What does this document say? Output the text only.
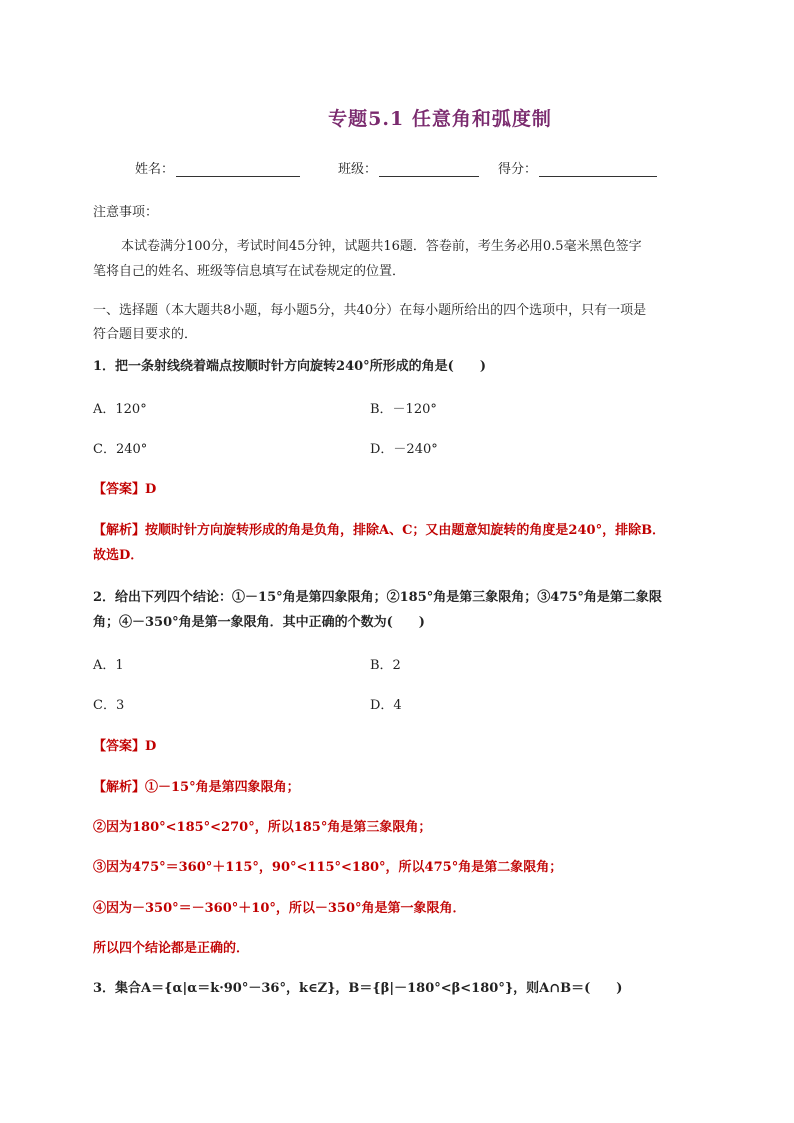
专题5.1 任意角和弧度制
姓名：	班级：	得分：
注意事项：
本试卷满分100分，考试时间45分钟，试题共16题．答卷前，考生务必用0.5毫米黑色签字
笔将自己的姓名、班级等信息填写在试卷规定的位置．
一、选择题（本大题共8小题，每小题5分，共40分）在每小题所给出的四个选项中，只有一项是
符合题目要求的．
1．把一条射线绕着端点按顺时针方向旋转240°所形成的角是(　　)
A．120°	B．－120°
C．240°	D．－240°
【答案】D
【解析】按顺时针方向旋转形成的角是负角，排除A、C；又由题意知旋转的角度是240°，排除B．
故选D．
2．给出下列四个结论：①－15°角是第四象限角；②185°角是第三象限角；③475°角是第二象限
角；④－350°角是第一象限角．其中正确的个数为(　　)
A．1	B．2
C．3	D．4
【答案】D
【解析】①－15°角是第四象限角；
②因为180°<185°<270°，所以185°角是第三象限角；
③因为475°＝360°＋115°，90°<115°<180°，所以475°角是第二象限角；
④因为－350°＝－360°＋10°，所以－350°角是第一象限角．
所以四个结论都是正确的．
3．集合A＝{α|α＝k·90°－36°，k∈Z}，B＝{β|－180°<β<180°}，则A∩B＝(　　)
